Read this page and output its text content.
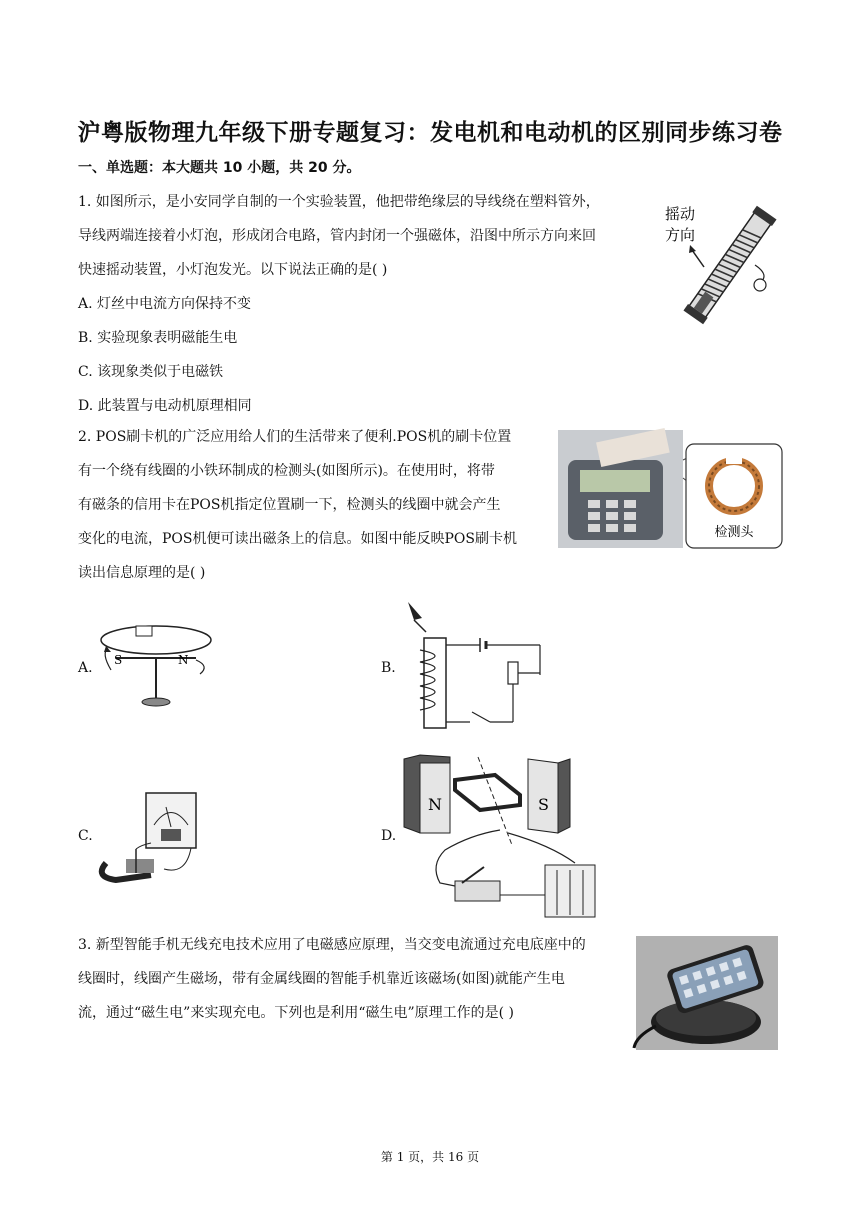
沪粤版物理九年级下册专题复习：发电机和电动机的区别同步练习卷
一、单选题：本大题共 10 小题，共 20 分。
1. 如图所示，是小安同学自制的一个实验装置，他把带绝缘层的导线绕在塑料管外，
导线两端连接着小灯泡，形成闭合电路，管内封闭一个强磁体，沿图中所示方向来回
快速摇动装置，小灯泡发光。以下说法正确的是( )
A. 灯丝中电流方向保持不变
B. 实验现象表明磁能生电
C. 该现象类似于电磁铁
D. 此装置与电动机原理相同
摇动
方向
2. POS刷卡机的广泛应用给人们的生活带来了便利.POS机的刷卡位置
有一个绕有线圈的小铁环制成的检测头(如图所示)。在使用时，将带
有磁条的信用卡在POS机指定位置刷一下，检测头的线圈中就会产生
变化的电流，POS机便可读出磁条上的信息。如图中能反映POS刷卡机
读出信息原理的是( )
检测头
A.	B.
C.	D.
S	N
N	S
3. 新型智能手机无线充电技术应用了电磁感应原理，当交变电流通过充电底座中的
线圈时，线圈产生磁场，带有金属线圈的智能手机靠近该磁场(如图)就能产生电
流，通过“磁生电”来实现充电。下列也是利用“磁生电”原理工作的是( )
第 1 页，共 16 页
